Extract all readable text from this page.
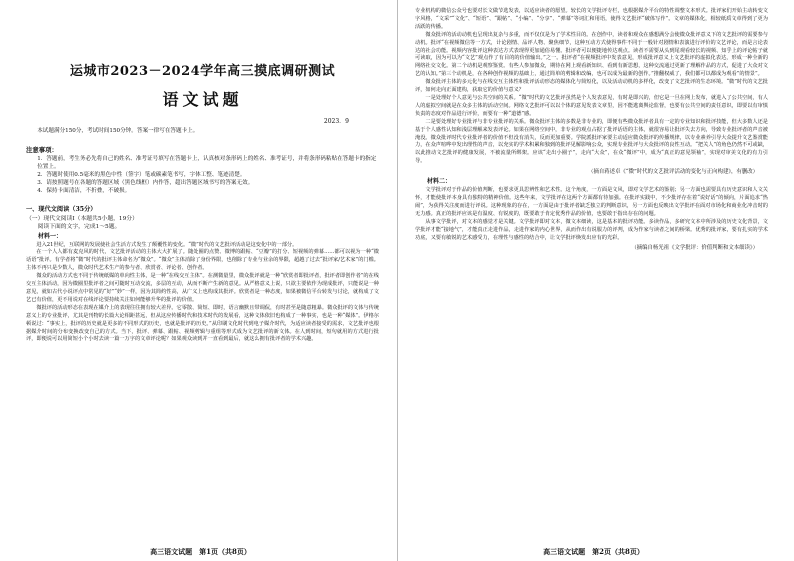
运城市2023－2024学年高三摸底调研测试

语文试题

2023．9

本试题满分150分，考试时间150分钟。答案一律写在答题卡上。

注意事项：

1．答题前，考生务必先将自己的姓名、准考证号填写在答题卡上，认真核对条形码上的姓名、准考证号，并将条形码粘贴在答题卡的指定位置上。

2．答题时使用0.5毫米的黑色中性（签字）笔或碳素笔书写，字体工整、笔迹清楚。

3．请按照题号在各题的答题区域（黑色线框）内作答，超出答题区域书写的答案无效。

4．保持卡面清洁，不折叠，不破损。

一、现代文阅读（35分）

（一）现代文阅读Ⅰ（本题共5小题，19分）

阅读下面的文字，完成1～5题。

材料一：

进入21世纪，互联网的发展使社会生活方式发生了颠覆性的变化。“微”时代的文艺批评活动是这变化中的一部分。

在一个人人都有麦克风的时代，文艺批评活动的主体大大扩展了。随处圈的点赞、微博的跟帖、“豆瓣”的打分、短视频的弹幕……都可以视为一种“微话语”批评。有学者将“微”时代的批评主体命名为“微众”。“微众”主体消除了身份界限，也削除了专业与业余的界限，超越了过去“批评家/艺术家”的门槛。主体不再只是少数人，微众时代艺术生产的参与者、欣赏者、评论者、创作者。

微众的活动方式也不同于传统纸媒的单向性主体，是一种“在线交互主体”。在测微量里，微众批评就是一种“欣赏者即批评者，批评者即创作者”的在线交互主体活动，因为微圈里批评者之间可随时互动交流，多层的互动，从而不断产生新的意见。从严格意义上说，只欲主要依作为现成批评，只能说是一种意见，就如古代小说评点中常见的“好”“妙”一样，因为其简约性高，从广义上也构成其批评。欣赏者是一种态度，如果被微信平台转发与讨论，就构成了文艺已有价值，更不用说对在线评论要持续关注如何能够升华的批评的价值。

微批评的活动形态在表现在媒介上的表现往往拥有较大差异。它零散、简短、即时，语言幽默且带调侃，有时甚至是随意粗暴。微众批评的文体与传统意义上的专业批评，尤其是刊物的长篇大论相距甚远，但从这应传播时代和技术时代的发展看，这种文体依旧也构成了一种事实，也是一种“媒体”。伊格尔顿说过：“事实上，批评的历史就是更多的不同形式的历史，也就是批评的历史。”从印刷文化时代到电子媒介时代，为适应读者接受的需求，文艺批评也根据媒介时间的分布变换改变自己的方式。当下，批评、弹幕、跟帖、视频剪辑与重组等形式成为文艺批评的新文体。在人到时间，短句就用的方式进行批评，即便说可以用简短小个小时去读一篇一万字的文章评论呢？如果观众读到并一直看到最后，就这么拥有批评者的学术兴趣。

高三语文试题　第1页（共8页）

专业机构的微信公众号也要对长文做节选发表，以适应读者的愿望。较长的文学批评专栏，也根据媒介平台的特性调整文本形式。批评家们开始主动转变文字风格，“文采”“文化”、“短语”、“跟帖”、“小编”、“分享”、“弹幕”等词汇和用语，使得文艺批评“破体写作”。文章的媒体化，相较纸质文章得到了更为活跃的传播。

微众批评的活动动机也呈现出复杂与多重，而不仅仅是为了学术性目的。在创作中，读者和观众在感想满分会使微众批评意义下的文艺批评的需要参与动机。批评“在视频微信等一方式，计论剧情、品评人物、聚焦细节，这种互动方式使得事件不同于一般针对剧情和表演进行评价的文艺评论，而是言论表达的社会功能。视频内容批评这种表达方式表现得更加通俗易懂。批评者可以便捷地传达观点。读者不需要从头到尾观看较长的视频、知乎上的评论帖子就可读取，因为可以为“文艺”观点作了有目的的价值输出。”之一。批评者“在视频批评中发表意见，形成批评意义上文艺批评的虚拟化表达，形成一种全新的网络社交文化。第二个动机是观察鉴赏。有些人参加微众，期待在网上观看新知识、看到有新思想，这种交流通过更新了理解作品的方式，促进了大众对文艺的认知。”第三个动机是，在各种创作视频的基础上，通过简单的剪辑和改编，也可以成为最新的创作。”推翻权威了，我们都可以都成为观看”的情景”。

微众批评主体的多元化与在线交互主体性和批评活动形态的媒体化与简短化，以及活动动机的多样化，改变了文艺批评的生态环境。“微”时代的文艺批评，如何走向正面建构，获取它的价值与意义？

一是处理好个人意见与公共空间的关系。“微”时代的文艺批评虽然是个人发表意见，有时是即兴的，但它是一旦在网上发布，就进入了公共空间，有人人的虚拟空间就是在众多主体的活动空间。网络文艺批评可以以个体的意见发表文章里，因不能逃离舆论监督，也要有公共空间的责任意识，即要以有审慎负责的态度对作品进行评价，而要有一种“道德”感。

二是要处理好专业批评与非专业批评的关系。微众批评主体的多数是非专业的，即便有些微众批评者具有一定的专业知识和批评技能，但大多数人还是基于个人感性认知和浅层理解来发表评论。如果在网络空间中，非专业的观点占据了批评话语的主体，就很容易让批评失去方向，导致专业批评者的声音被淹没。微众批评时代专业批评者的价值不但没有消失，反而更加重要。学院派批评家要主动适应微众批评的传播规律，以专业素养引导大众提升文艺鉴赏能力，在众声喧哗中发出理性的声音，以充实的学术积累和独到的批评见解影响公众，实现专业批评与大众批评的良性互动。“把关人”的角色仍然不可或缺，以此推动文艺批评的健康发展，不被流量所绑架。应该“走出小圈子”，走向“大众”，在众“微评”中，成为“真正的意见领袖”，实现对审美文化的有力引导。

（摘自蒋述卓《“微”时代的文艺批评活动的变化与正向构建》，有删改）

材料二：

文学批评对于作品的价值判断，也要求更具思辨性和艺术性。这个角度，一方面是文风，即对文学艺术的鉴别；另一方面也需要具有历史意识和人文关怀，才能使批评本身具有独特的精神价值。这些年来，文学批评在这两个方面都有待加强。在批评实践中，不少批评存在着“说好话”的倾向，片面追求“热闹”，为获得关注度而进行评说。这种现象的存在，一方面是由于批评者缺乏独立的判断意识，另一方面也反映出文学批评在面对市场化和商业化冲击时的无力感。真正的批评应该是有温度、有锐度的，既要敢于肯定优秀作品的价值，也要敢于指出存在的问题。

从事文学批评，对文本的感觉才是关键。文学批评即对文本，微文本细读，这是基本的批评功能。多读作品，多研究文本中所涉及的历史文化背景，文学批评才能“接地气”，才能真正走进作品，走进作家的内心世界，从而作出有说服力的评判，成为作家与读者之间的桥梁。优秀的批评家，要有扎实的学术功底，又要有敏锐的艺术感受力，在理性与感性的结合中，让文学批评焕发出应有的光彩。

（摘编自杨光祖《文学批评：价值判断和文本细读》）

高三语文试题　第2页（共8页）
